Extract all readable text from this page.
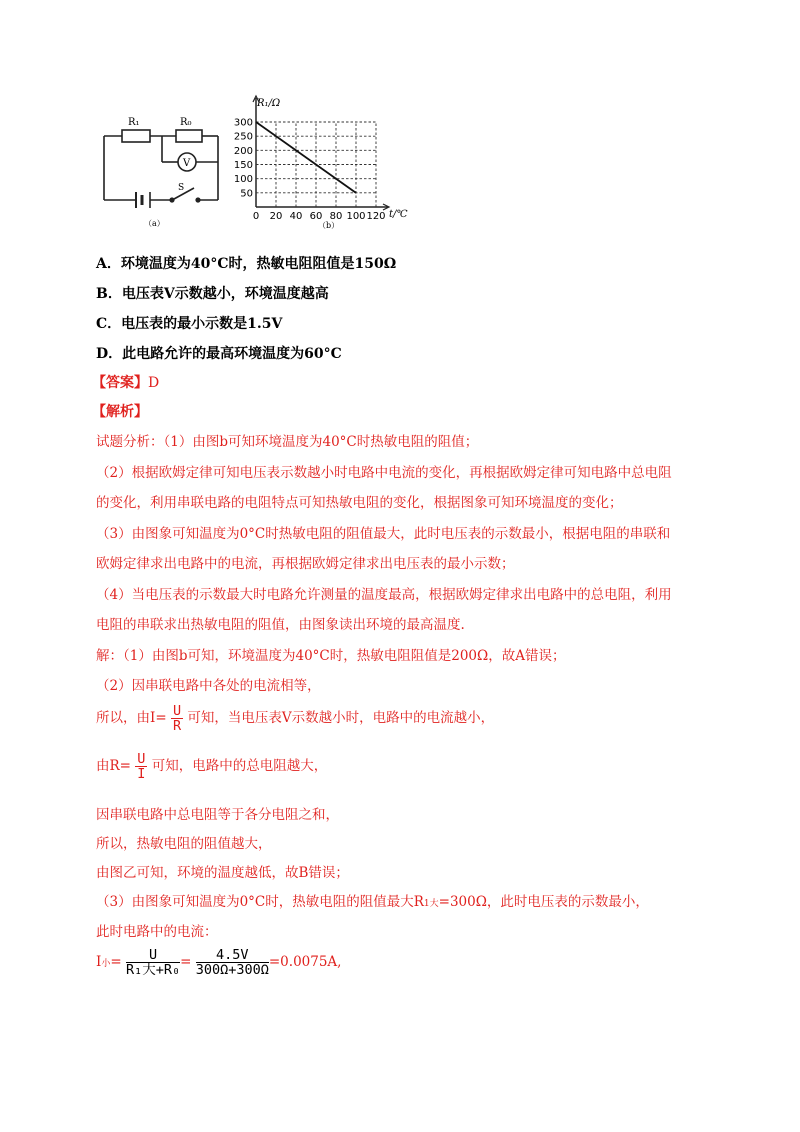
R₁	R₀
V
S
（a）
300
250
200
150
100
50
0 20 40 60 80 100 120
R₁/Ω
t/℃
（b）
A．环境温度为40°C时，热敏电阻阻值是150Ω
B．电压表V示数越小，环境温度越高
C．电压表的最小示数是1.5V
D．此电路允许的最高环境温度为60°C
【答案】D
【解析】
试题分析：（1）由图b可知环境温度为40°C时热敏电阻的阻值；
（2）根据欧姆定律可知电压表示数越小时电路中电流的变化，再根据欧姆定律可知电路中总电阻
的变化，利用串联电路的电阻特点可知热敏电阻的变化，根据图象可知环境温度的变化；
（3）由图象可知温度为0°C时热敏电阻的阻值最大，此时电压表的示数最小，根据电阻的串联和
欧姆定律求出电路中的电流，再根据欧姆定律求出电压表的最小示数；
（4）当电压表的示数最大时电路允许测量的温度最高，根据欧姆定律求出电路中的总电阻，利用
电阻的串联求出热敏电阻的阻值，由图象读出环境的最高温度.
解：（1）由图b可知，环境温度为40°C时，热敏电阻阻值是200Ω，故A错误；
（2）因串联电路中各处的电流相等，
所以，由$I= \frac{U}{R}$ 可知，当电压表V示数越小时，电路中的电流越小，
由$R= \frac{U}{I}$ 可知，电路中的总电阻越大，
因串联电路中总电阻等于各分电阻之和，
所以，热敏电阻的阻值越大，
由图乙可知，环境的温度越低，故B错误；
（3）由图象可知温度为0°C时，热敏电阻的阻值最大R1大=300Ω，此时电压表的示数最小，
此时电路中的电流：
I小= $\frac{U}{\text{R₁大+R₀}} = \frac{4.5V}{300\Omega+300\Omega} =0.0075A$,
